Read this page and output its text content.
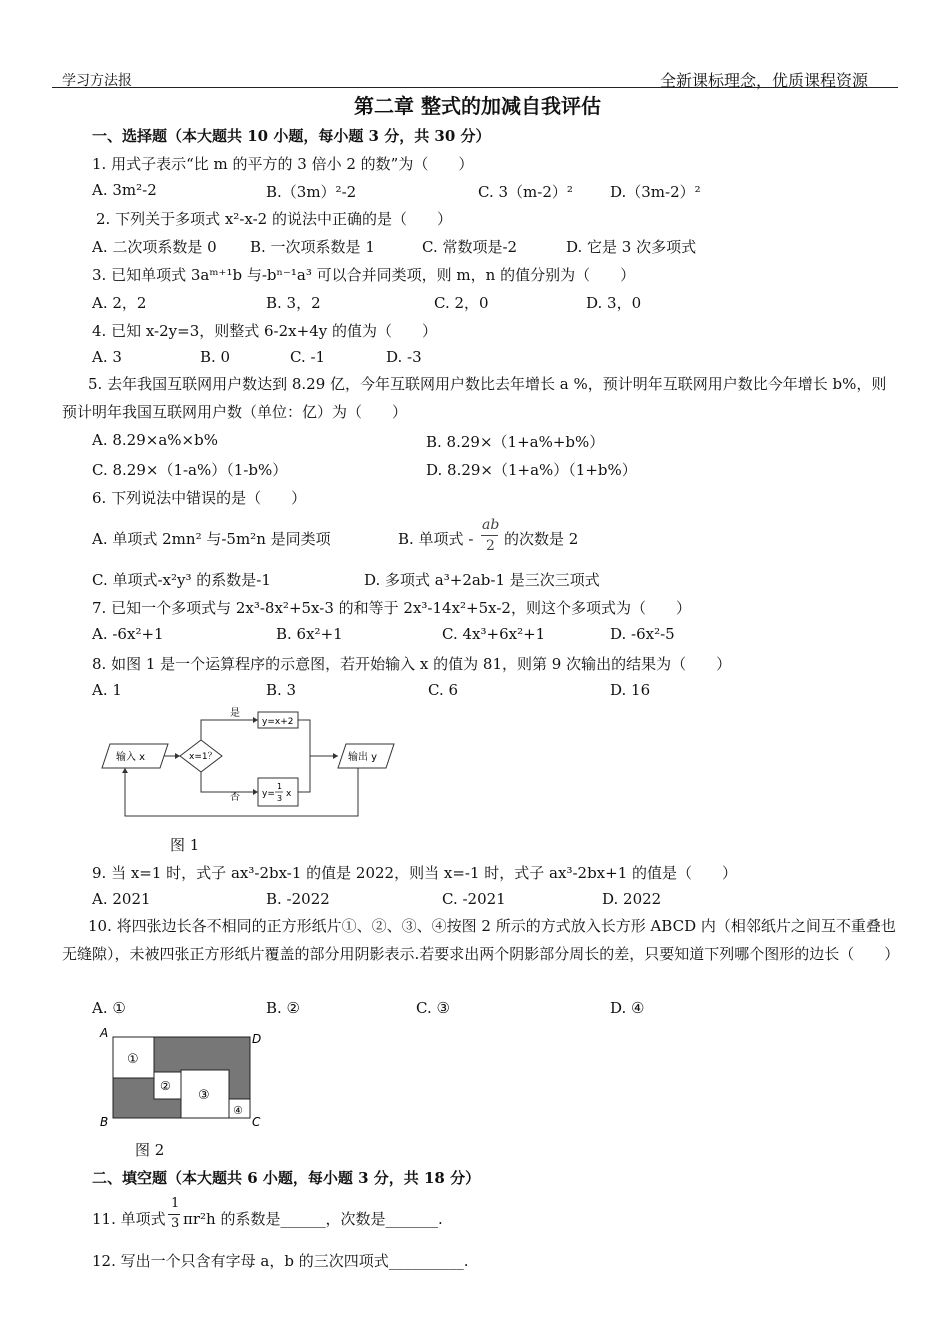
学习方法报	全新课标理念，优质课程资源
第二章 整式的加减自我评估
一、选择题（本大题共 10 小题，每小题 3 分，共 30 分）
1. 用式子表示“比 m 的平方的 3 倍小 2 的数”为（　　）
A. 3m²-2	B.（3m）²-2	C. 3（m-2）² D.（3m-2）²
2. 下列关于多项式 x²-x-2 的说法中正确的是（　　）
A. 二次项系数是 0 B. 一次项系数是 1	C. 常数项是-2	D. 它是 3 次多项式
3. 已知单项式 3aᵐ⁺¹b 与-bⁿ⁻¹a³ 可以合并同类项，则 m，n 的值分别为（　　）
A. 2，2	B. 3，2	C. 2，0	D. 3，0
4. 已知 x-2y=3，则整式 6-2x+4y 的值为（　　）
A. 3	B. 0	C. -1	D. -3
5. 去年我国互联网用户数达到 8.29 亿，今年互联网用户数比去年增长 a %，预计明年互联网用户数比今年增长 b%，则预计明年我国互联网用户数（单位：亿）为（　　）
A. 8.29×a%×b%	B. 8.29×（1+a%+b%）
C. 8.29×（1-a%）（1-b%）	D. 8.29×（1+a%）（1+b%）
6. 下列说法中错误的是（　　）
A. 单项式 2mn² 与-5m²n 是同类项	B. 单项式 -
ab
2 的次数是 2
C. 单项式-x²y³ 的系数是-1	D. 多项式 a³+2ab-1 是三次三项式
7. 已知一个多项式与 2x³-8x²+5x-3 的和等于 2x³-14x²+5x-2，则这个多项式为（　　）
A. -6x²+1	B. 6x²+1	C. 4x³+6x²+1	D. -6x²-5
8. 如图 1 是一个运算程序的示意图，若开始输入 x 的值为 81，则第 9 次输出的结果为（　　）
A. 1	B. 3	C. 6	D. 16
输入 x	x=1？
是
y=x+2
否 y=
1
3 x
输出 y
图 1
9. 当 x=1 时，式子 ax³-2bx-1 的值是 2022，则当 x=-1 时，式子 ax³-2bx+1 的值是（　　）
A. 2021	B. -2022	C. -2021	D. 2022
10. 将四张边长各不相同的正方形纸片①、②、③、④按图 2 所示的方式放入长方形 ABCD 内（相邻纸片之间互不重叠也无缝隙），未被四张正方形纸片覆盖的部分用阴影表示.若要求出两个阴影部分周长的差，只要知道下列哪个图形的边长（　　）
A. ①	B. ②	C. ③	D. ④
A
B	C
D
①
②
③
④
图 2
二、填空题（本大题共 6 小题，每小题 3 分，共 18 分）
11. 单项式
1
3 πr²h 的系数是______，次数是_______.
12. 写出一个只含有字母 a，b 的三次四项式__________.
